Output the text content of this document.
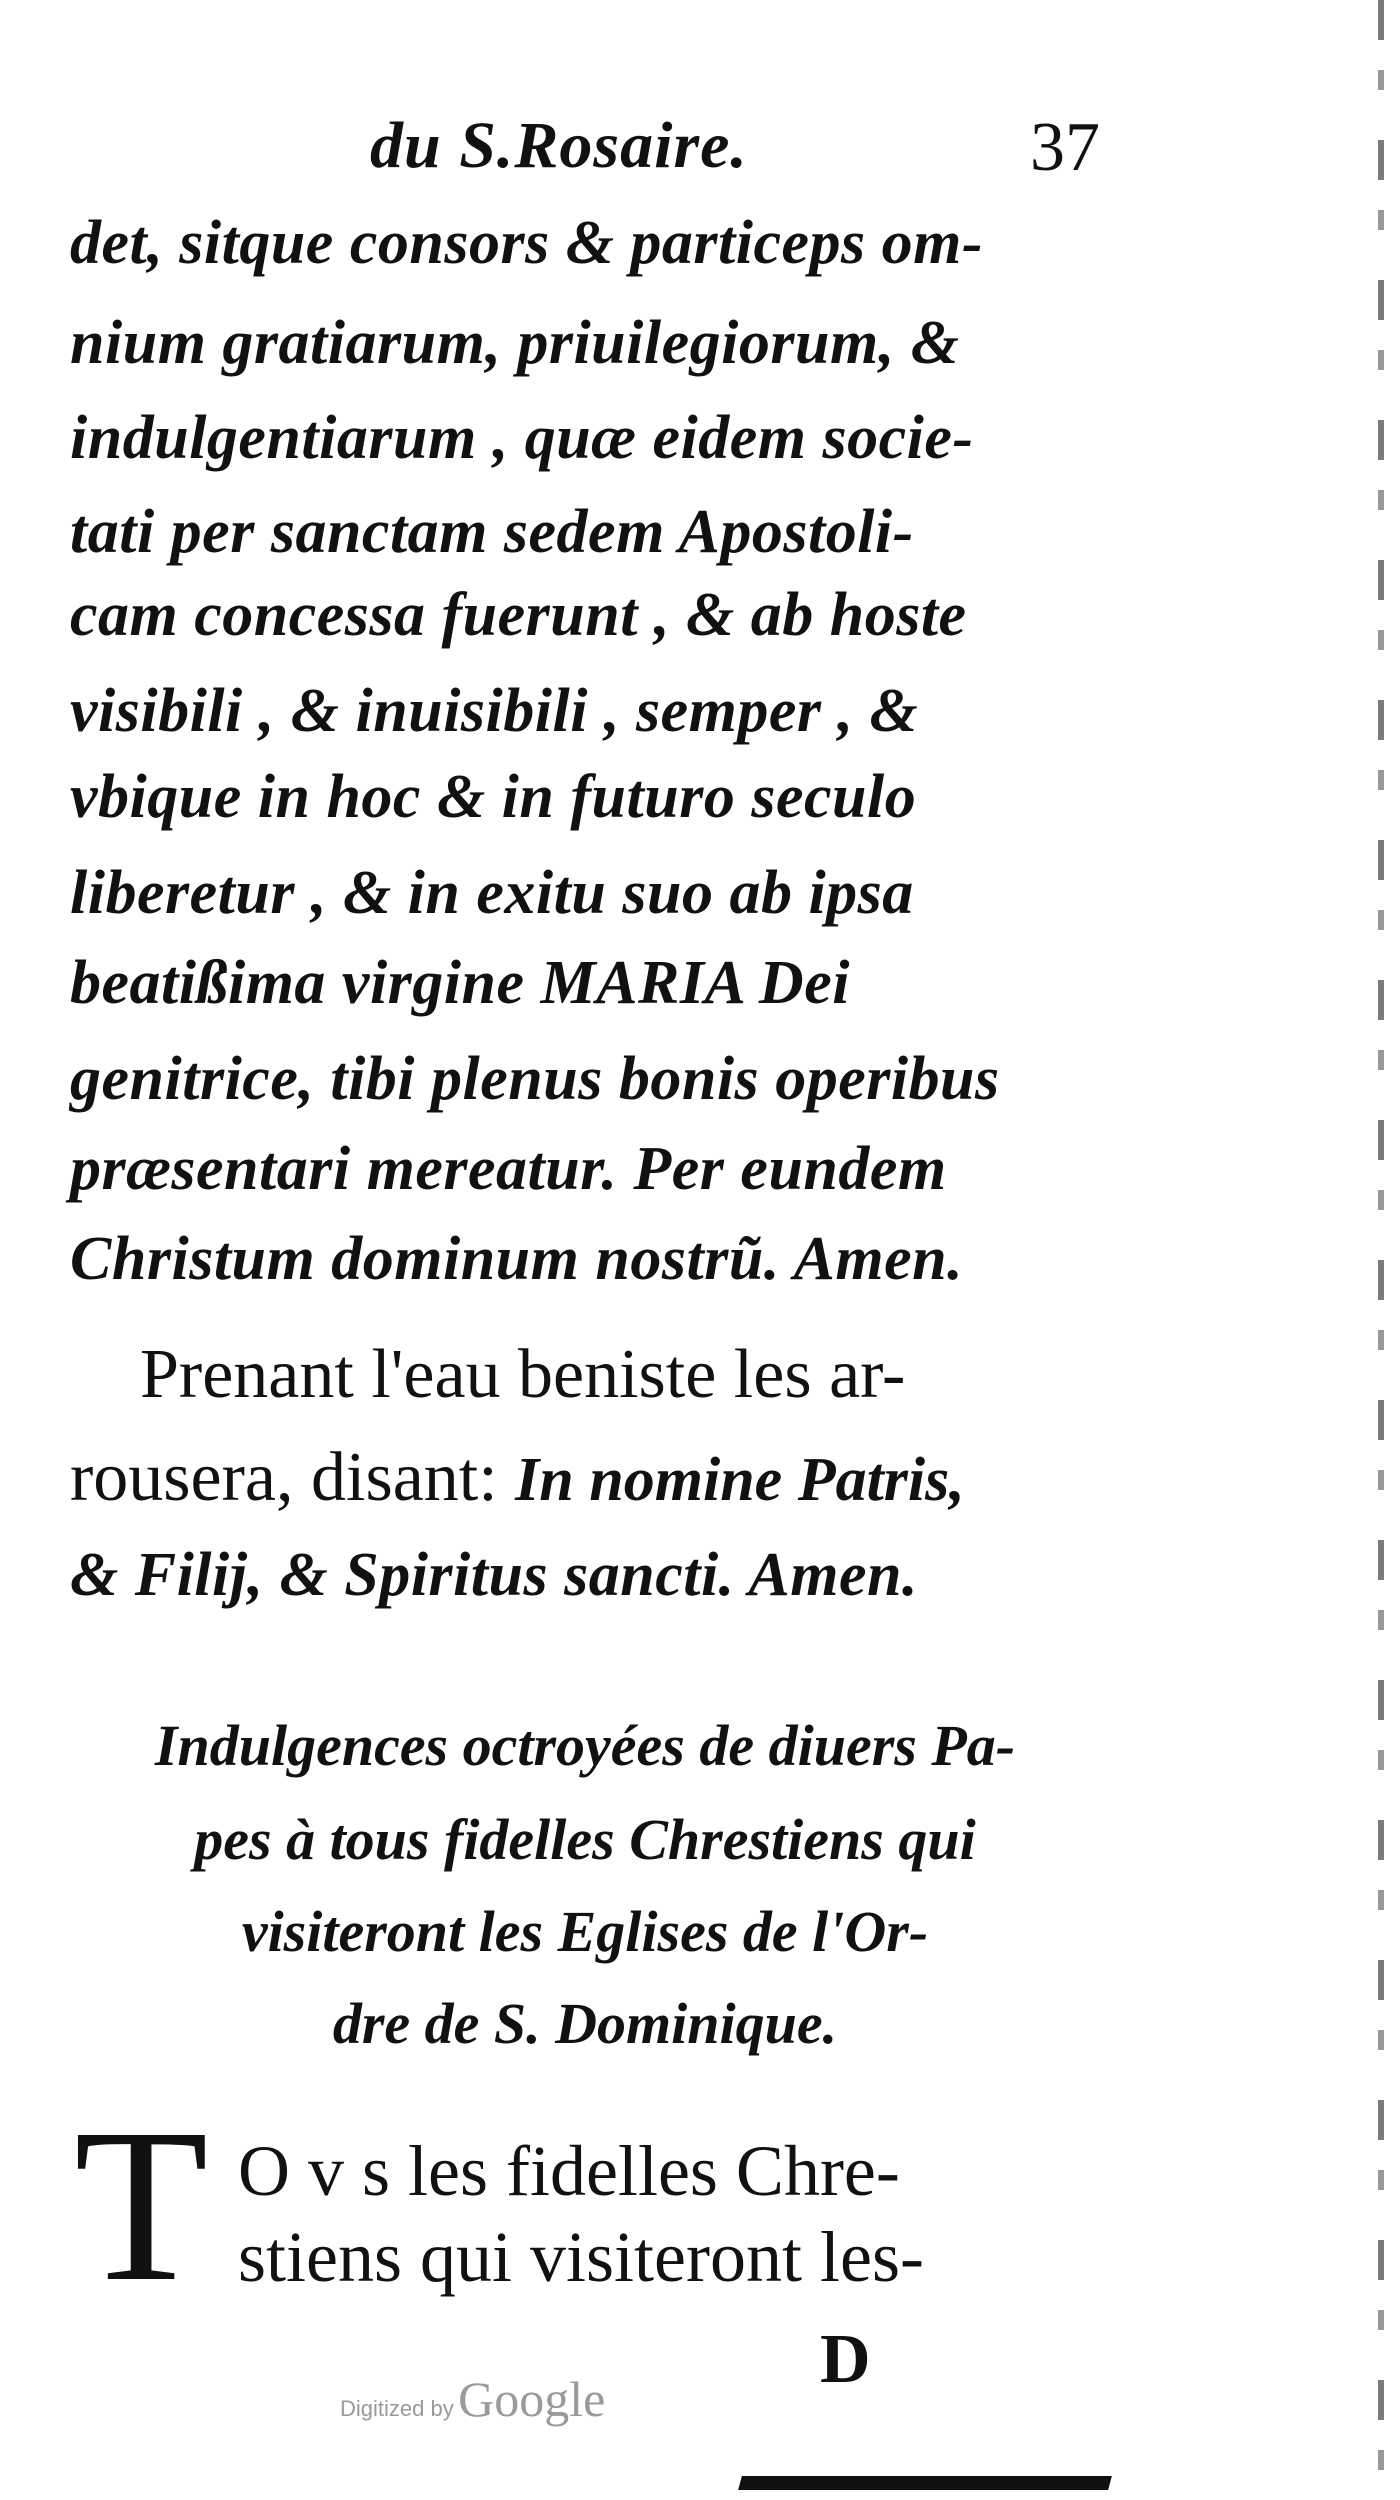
du S.Rosaire.	37
det, sitque consors & particeps om-
nium gratiarum, priuilegiorum, &
indulgentiarum , quæ eidem socie-
tati per sanctam sedem Apostoli-
cam concessa fuerunt , & ab hoste
visibili , & inuisibili , semper , &
vbique in hoc & in futuro seculo
liberetur , & in exitu suo ab ipsa
beatißima virgine MARIA Dei
genitrice, tibi plenus bonis operibus
præsentari mereatur. Per eundem
Christum dominum nostrũ. Amen.
Prenant l'eau beniste les ar-
rousera, disant: In nomine Patris,
& Filij, & Spiritus sancti. Amen.
Indulgences octroyées de diuers Pa-
pes à tous fidelles Chrestiens qui
visiteront les Eglises de l'Or-
dre de S. Dominique.
T O v s les fidelles Chre-
stiens qui visiteront les-
D
Digitized by Google
